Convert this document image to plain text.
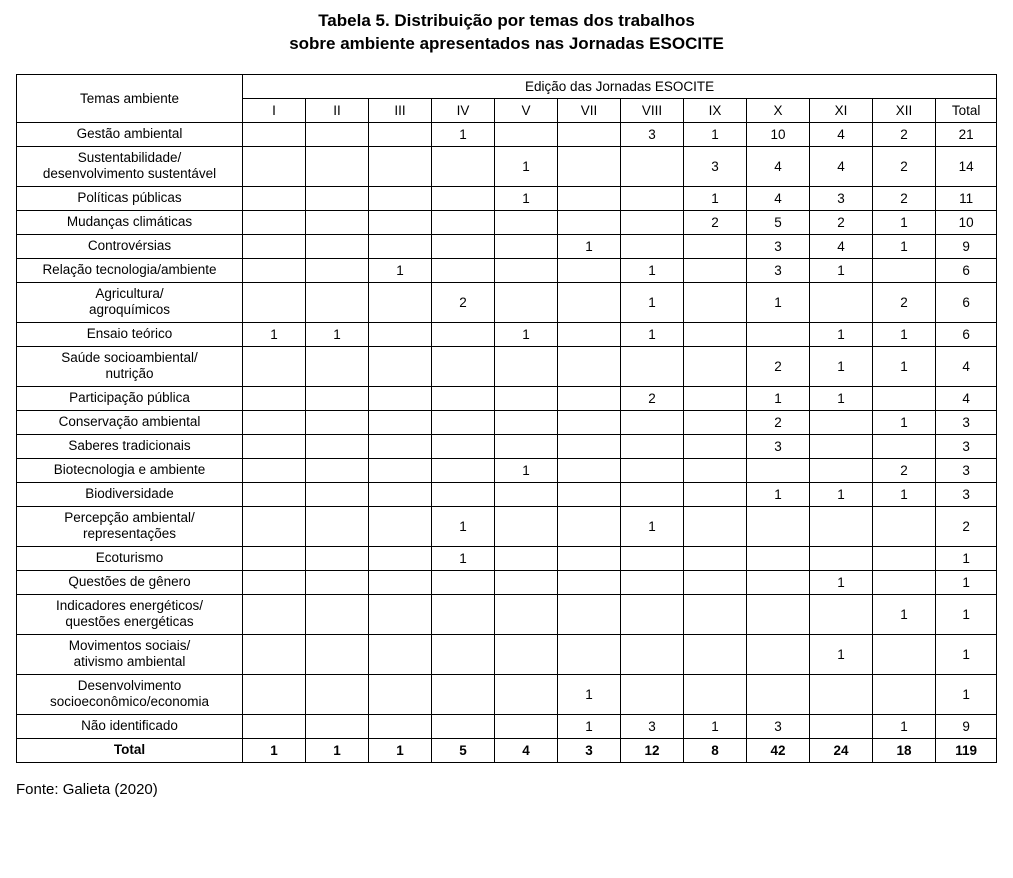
Tabela 5. Distribuição por temas dos trabalhos
sobre ambiente apresentados nas Jornadas ESOCITE
Temas ambiente	Edição das Jornadas ESOCITE											
	I	II	III	IV	V	VII	VIII	IX	X	XI	XII	Total
Gestão ambiental				1			3	1	10	4	2	21
Sustentabilidade/
desenvolvimento sustentável					1			3	4	4	2	14
Políticas públicas					1			1	4	3	2	11
Mudanças climáticas								2	5	2	1	10
Controvérsias						1			3	4	1	9
Relação tecnologia/ambiente			1				1		3	1		6
Agricultura/
agroquímicos				2			1		1		2	6
Ensaio teórico	1	1			1		1			1	1	6
Saúde socioambiental/
nutrição									2	1	1	4
Participação pública							2		1	1		4
Conservação ambiental									2		1	3
Saberes tradicionais									3			3
Biotecnologia e ambiente					1						2	3
Biodiversidade									1	1	1	3
Percepção ambiental/
representações				1			1					2
Ecoturismo				1								1
Questões de gênero										1		1
Indicadores energéticos/
questões energéticas											1	1
Movimentos sociais/
ativismo ambiental										1		1
Desenvolvimento
socioeconômico/economia						1						1
Não identificado						1	3	1	3		1	9
Total	1	1	1	5	4	3	12	8	42	24	18	119
Fonte: Galieta (2020)
